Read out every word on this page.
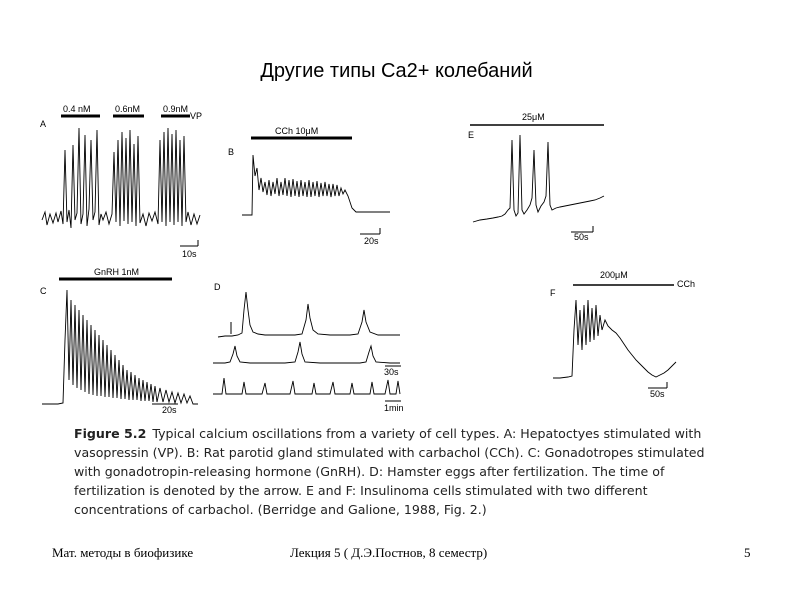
Другие типы Ca2+ колебаний
A
0.4 nM	0.6nM	0.9nM
VP
10s
B
CCh 10μM
20s
E
25μM
50s
C
GnRH 1nM
20s
D
30s
1min
F
200μM
CCh
50s
Figure 5.2 Typical calcium oscillations from a variety of cell types. A: Hepatoctyes stimulated with vasopressin (VP). B: Rat parotid gland stimulated with carbachol (CCh). C: Gonadotropes stimulated with gonadotropin-releasing hormone (GnRH). D: Hamster eggs after fertilization. The time of fertilization is denoted by the arrow. E and F: Insulinoma cells stimulated with two different concentrations of carbachol. (Berridge and Galione, 1988, Fig. 2.)
Мат. методы в биофизике	Лекция 5 ( Д.Э.Постнов, 8 семестр)	5
